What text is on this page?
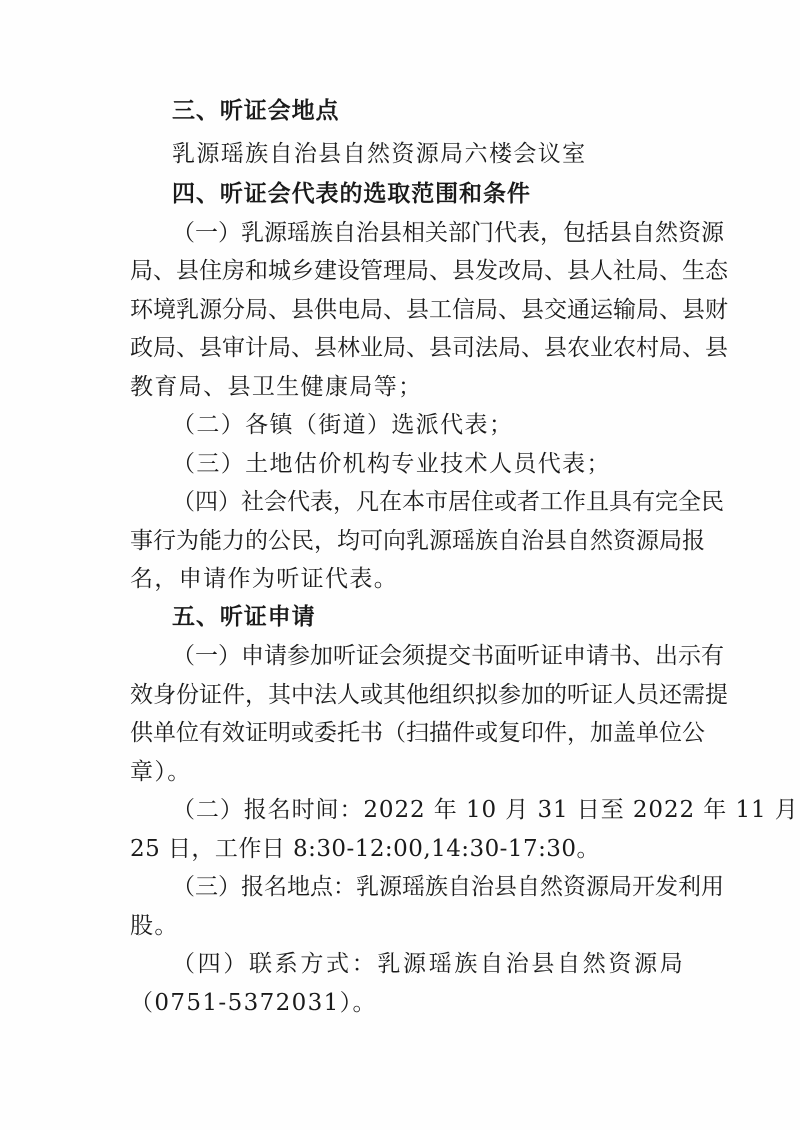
三、听证会地点
乳源瑶族自治县自然资源局六楼会议室
四、听证会代表的选取范围和条件
（ 一 ） 乳 源 瑶 族 自 治 县 相 关 部 门 代 表 ， 包 括 县 自 然 资 源
局 、 县 住 房 和 城 乡 建 设 管 理 局 、 县 发 改 局 、 县 人 社 局 、 生 态
环 境 乳 源 分 局 、 县 供 电 局 、 县 工 信 局 、 县 交 通 运 输 局 、 县 财
政 局 、 县 审 计 局 、 县 林 业 局 、 县 司 法 局 、 县 农 业 农 村 局 、 县
教育局、县卫生健康局等；
（二）各镇（街道）选派代表；
（三）土地估价机构专业技术人员代表；
（ 四 ） 社 会 代 表 ， 凡 在 本 市 居 住 或 者 工 作 且 具 有 完 全 民
事 行 为 能 力 的 公 民 ， 均 可 向 乳 源 瑶 族 自 治 县 自 然 资 源 局 报
名，申请作为听证代表。
五、听证申请
（ 一 ） 申 请 参 加 听 证 会 须 提 交 书 面 听 证 申 请 书 、 出 示 有
效 身 份 证 件 ， 其 中 法 人 或 其 他 组 织 拟 参 加 的 听 证 人 员 还 需 提
供 单 位 有 效 证 明 或 委 托 书 （ 扫 描 件 或 复 印 件 ， 加 盖 单 位 公
章）。
（二）报名时间：2022 年 10 月 31 日至 2022 年 11 月
25 日，工作日 8:30-12:00,14:30-17:30。
（ 三 ） 报 名 地 点 ： 乳 源 瑶 族 自 治 县 自 然 资 源 局 开 发 利 用
股。
（ 四 ） 联 系 方 式 ： 乳 源 瑶 族 自 治 县 自 然 资 源 局
（0751-5372031）。
